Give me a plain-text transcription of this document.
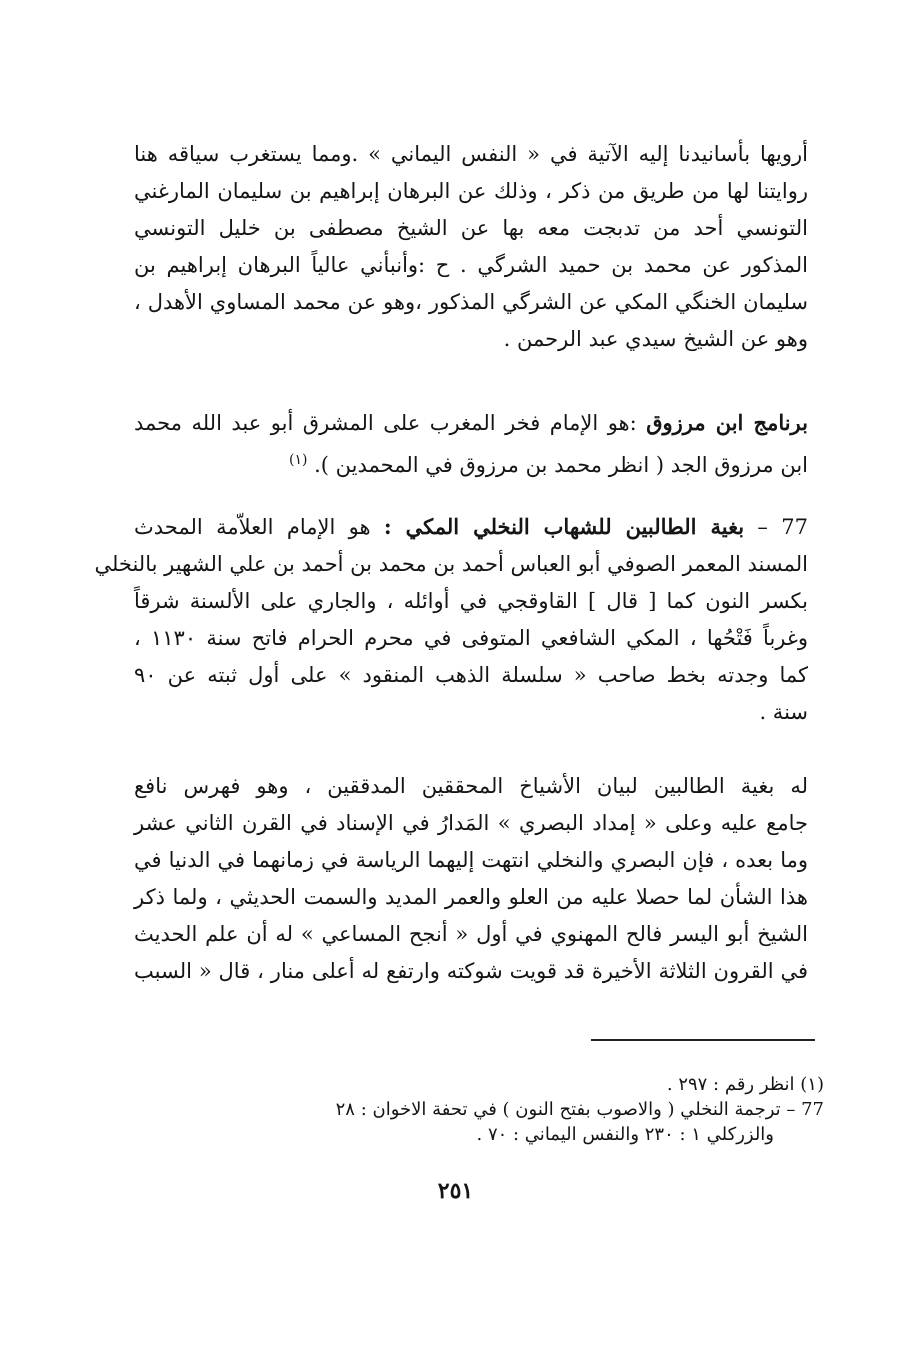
أرويها بأسانيدنا إليه الآتية في « النفس اليماني » .ومما يستغرب سياقه هنا
روايتنا لها من طريق من ذكر ، وذلك عن البرهان إبراهيم بن سليمان المارغني
التونسي أحد من تدبجت معه بها عن الشيخ مصطفى بن خليل التونسي
المذكور عن محمد بن حميد الشرگي . ح :وأنبأني عالياً البرهان إبراهيم بن
سليمان الخنگي المكي عن الشرگي المذكور ،وهو عن محمد المساوي الأهدل ،
وهو عن الشيخ سيدي عبد الرحمن .
برنامج ابن مرزوق :هو الإمام فخر المغرب على المشرق أبو عبد الله محمد
ابن مرزوق الجد ( انظر محمد بن مرزوق في المحمدين ). $^{(١)}$
77 – بغية الطالبين للشهاب النخلي المكي : هو الإمام العلاّمة المحدث
المسند المعمر الصوفي أبو العباس أحمد بن محمد بن أحمد بن علي الشهير بالنخلي
بكسر النون كما [ قال ] القاوقجي في أوائله ، والجاري على الألسنة شرقاً
وغرباً فَتْحُها ، المكي الشافعي المتوفى في محرم الحرام فاتح سنة ١١٣٠ ،
كما وجدته بخط صاحب « سلسلة الذهب المنقود » على أول ثبته عن ٩٠
سنة .
له بغية الطالبين لبيان الأشياخ المحققين المدققين ، وهو فهرس نافع
جامع عليه وعلى « إمداد البصري » المَدارُ في الإسناد في القرن الثاني عشر
وما بعده ، فإن البصري والنخلي انتهت إليهما الرياسة في زمانهما في الدنيا في
هذا الشأن لما حصلا عليه من العلو والعمر المديد والسمت الحديثي ، ولما ذكر
الشيخ أبو اليسر فالح المهنوي في أول « أنجح المساعي » له أن علم الحديث
في القرون الثلاثة الأخيرة قد قويت شوكته وارتفع له أعلى منار ، قال « السبب
(١) انظر رقم : ٢٩٧ .
77 – ترجمة النخلي ( والاصوب بفتح النون ) في تحفة الاخوان : ٢٨
والزركلي ١ : ٢٣٠ والنفس اليماني : ٧٠ .
٢٥١
